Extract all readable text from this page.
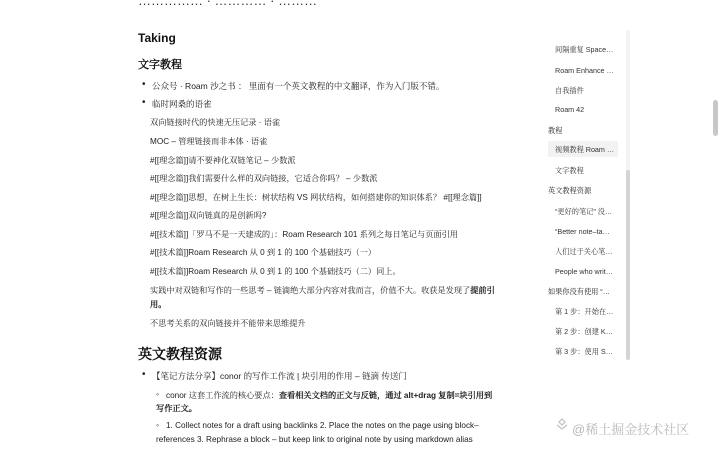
…………… · ………… · ………
Taking
文字教程
• 公众号 · Roam 沙之书 ： 里面有一个英文教程的中文翻译，作为入门版不错。
• 临时网桑的语雀
双向链接时代的快速无压记录 · 语雀
MOC – 管理链接而非本体 · 语雀
#[[理念篇]]请不要神化双链笔记 – 少数派
#[[理念篇]]我们需要什么样的双向链接，它适合你吗？ – 少数派
#[[理念篇]]思想，在树上生长：树状结构 VS 网状结构，如何搭建你的知识体系？ #[[理念篇]]
#[[理念篇]]双向链真的是创新吗?
#[[技术篇]]「罗马不是一天建成的」：Roam Research 101 系列之每日笔记与页面引用
#[[技术篇]]Roam Research 从 0 到 1 的 100 个基础技巧（一）
#[[技术篇]]Roam Research 从 0 到 1 的 100 个基础技巧（二）同上。
实践中对双链和写作的一些思考 – 链滴绝大部分内容对我而言，价值不大。收获是发现了提前引用。
不思考关系的双向链接并不能带来思维提升
英文教程资源
• 【笔记方法分享】conor 的写作工作流 | 块引用的作用 – 链滴 传送门
◦ conor 这套工作流的核心要点：查看相关文档的正文与反链，通过 alt+drag 复制=块引用到写作正文。
◦ 1. Collect notes for a draft using backlinks 2. Place the notes on the page using block–references 3. Rephrase a block – but keep link to original note by using markdown alias
间隔重复 Space…
Roam Enhance …
自我插件
Roam 42
教程
视频教程 Roam …
文字教程
英文教程资源
“更好的笔记” 没…
“Better note–ta…
人们过于关心笔…
People who writ…
如果你没有使用 “…
第 1 步：开始在…
第 2 步：创建 K…
第 3 步：使用 S…
@稀土掘金技术社区
